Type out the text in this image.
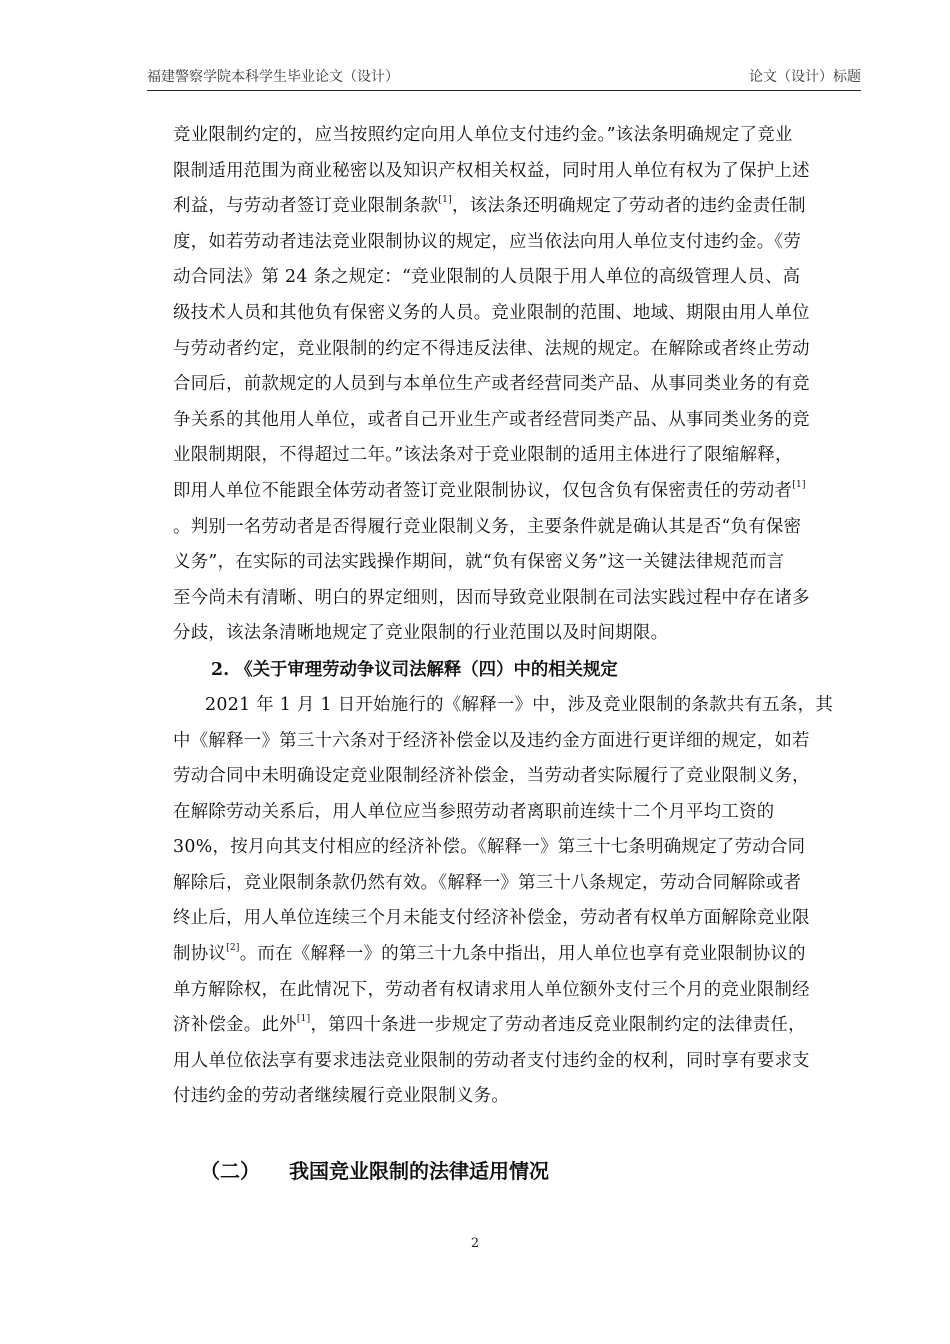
福建警察学院本科学生毕业论文（设计）	论文（设计）标题
竞业限制约定的，应当按照约定向用人单位支付违约金。”该法条明确规定了竞业
限制适用范围为商业秘密以及知识产权相关权益，同时用人单位有权为了保护上述
利益，与劳动者签订竞业限制条款[1]，该法条还明确规定了劳动者的违约金责任制
度，如若劳动者违法竞业限制协议的规定，应当依法向用人单位支付违约金。《劳
动合同法》第 24 条之规定：“竞业限制的人员限于用人单位的高级管理人员、高
级技术人员和其他负有保密义务的人员。竞业限制的范围、地域、期限由用人单位
与劳动者约定，竞业限制的约定不得违反法律、法规的规定。在解除或者终止劳动
合同后，前款规定的人员到与本单位生产或者经营同类产品、从事同类业务的有竞
争关系的其他用人单位，或者自己开业生产或者经营同类产品、从事同类业务的竞
业限制期限，不得超过二年。”该法条对于竞业限制的适用主体进行了限缩解释，
即用人单位不能跟全体劳动者签订竞业限制协议，仅包含负有保密责任的劳动者[1]
。判别一名劳动者是否得履行竞业限制义务，主要条件就是确认其是否“负有保密
义务”，在实际的司法实践操作期间，就“负有保密义务”这一关键法律规范而言
至今尚未有清晰、明白的界定细则，因而导致竞业限制在司法实践过程中存在诸多
分歧，该法条清晰地规定了竞业限制的行业范围以及时间期限。
2. 《关于审理劳动争议司法解释（四）中的相关规定
2021 年 1 月 1 日开始施行的《解释一》中，涉及竞业限制的条款共有五条，其
中《解释一》第三十六条对于经济补偿金以及违约金方面进行更详细的规定，如若
劳动合同中未明确设定竞业限制经济补偿金，当劳动者实际履行了竞业限制义务，
在解除劳动关系后，用人单位应当参照劳动者离职前连续十二个月平均工资的
30%，按月向其支付相应的经济补偿。《解释一》第三十七条明确规定了劳动合同
解除后，竞业限制条款仍然有效。《解释一》第三十八条规定，劳动合同解除或者
终止后，用人单位连续三个月未能支付经济补偿金，劳动者有权单方面解除竞业限
制协议[2]。而在《解释一》的第三十九条中指出，用人单位也享有竞业限制协议的
单方解除权，在此情况下，劳动者有权请求用人单位额外支付三个月的竞业限制经
济补偿金。此外[1]，第四十条进一步规定了劳动者违反竞业限制约定的法律责任，
用人单位依法享有要求违法竞业限制的劳动者支付违约金的权利，同时享有要求支
付违约金的劳动者继续履行竞业限制义务。
（二） 我国竞业限制的法律适用情况
2
